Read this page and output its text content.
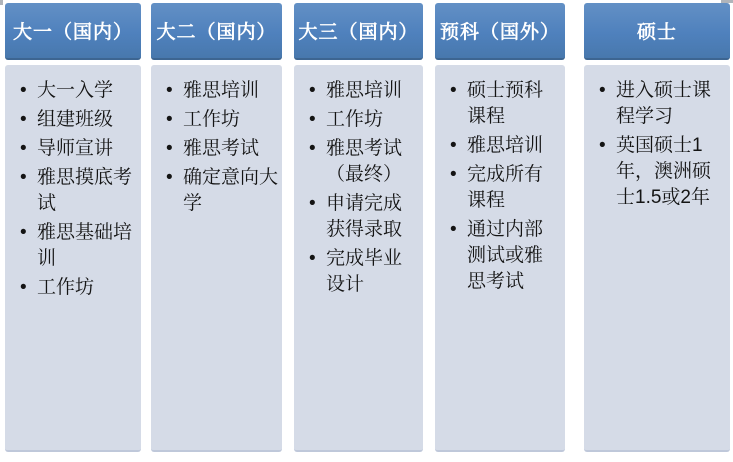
大一（国内）
• 大一入学
• 组建班级
• 导师宣讲
• 雅思摸底考试
• 雅思基础培训
• 工作坊
大二（国内）
• 雅思培训
• 工作坊
• 雅思考试
• 确定意向大学
大三（国内）
• 雅思培训
• 工作坊
• 雅思考试（最终）
• 申请完成获得录取
• 完成毕业设计
预科（国外）
• 硕士预科课程
• 雅思培训
• 完成所有课程
• 通过内部测试或雅思考试
硕士
• 进入硕士课程学习
• 英国硕士1年，澳洲硕士1.5或2年
